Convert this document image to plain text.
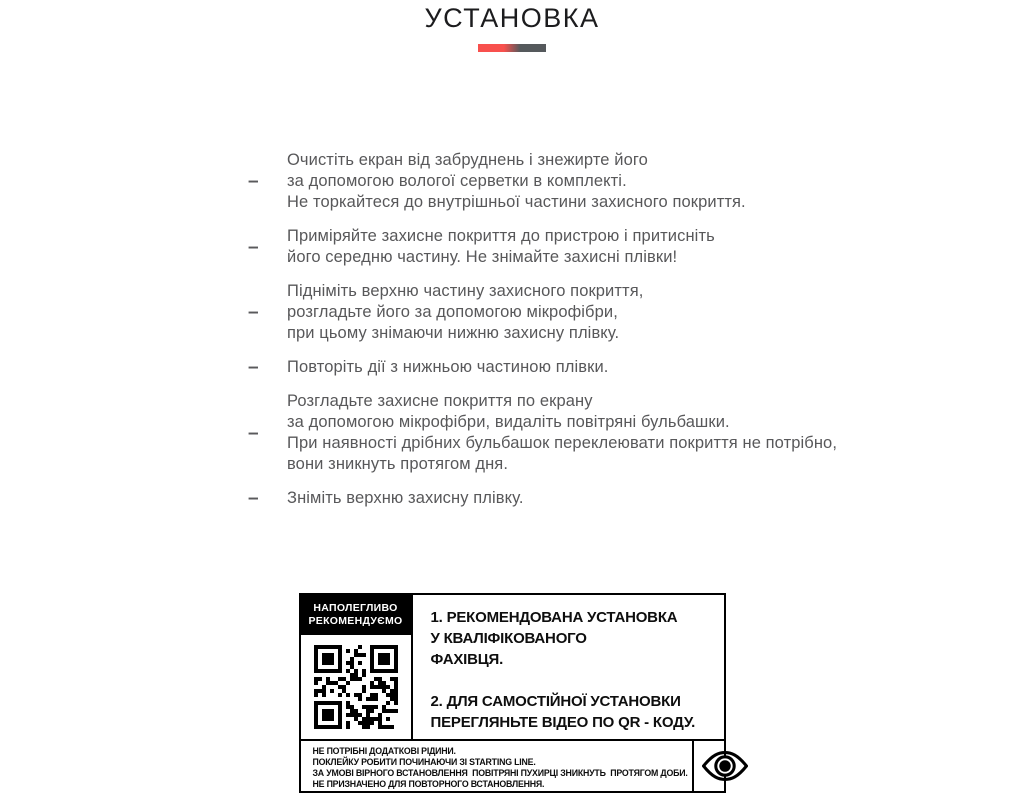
УСТАНОВКА
–
Очистіть екран від забруднень і знежирте його
за допомогою вологої серветки в комплекті.
Не торкайтеся до внутрішньої частини захисного покриття.
–
Приміряйте захисне покриття до пристрою і притисніть
його середню частину. Не знімайте захисні плівки!
–
Підніміть верхню частину захисного покриття,
розгладьте його за допомогою мікрофібри,
при цьому знімаючи нижню захисну плівку.
–	Повторіть дії з нижньою частиною плівки.
–
Розгладьте захисне покриття по екрану
за допомогою мікрофібри, видаліть повітряні бульбашки.
При наявності дрібних бульбашок переклеювати покриття не потрібно,
вони зникнуть протягом дня.
–	Зніміть верхню захисну плівку.
НАПОЛЕГЛИВО
РЕКОМЕНДУЄМО	1. РЕКОМЕНДОВАНА УСТАНОВКА
У КВАЛІФІКОВАНОГО
ФАХІВЦЯ.
2. ДЛЯ САМОСТІЙНОЇ УСТАНОВКИ
ПЕРЕГЛЯНЬТЕ ВІДЕО ПО QR - КОДУ.
НЕ ПОТРІБНІ ДОДАТКОВІ РІДИНИ.
ПОКЛЕЙКУ РОБИТИ ПОЧИНАЮЧИ ЗІ STARTING LINE.
ЗА УМОВІ ВІРНОГО ВСТАНОВЛЕННЯ  ПОВІТРЯНІ ПУХИРЦІ ЗНИКНУТЬ  ПРОТЯГОМ ДОБИ.
НЕ ПРИЗНАЧЕНО ДЛЯ ПОВТОРНОГО ВСТАНОВЛЕННЯ.
